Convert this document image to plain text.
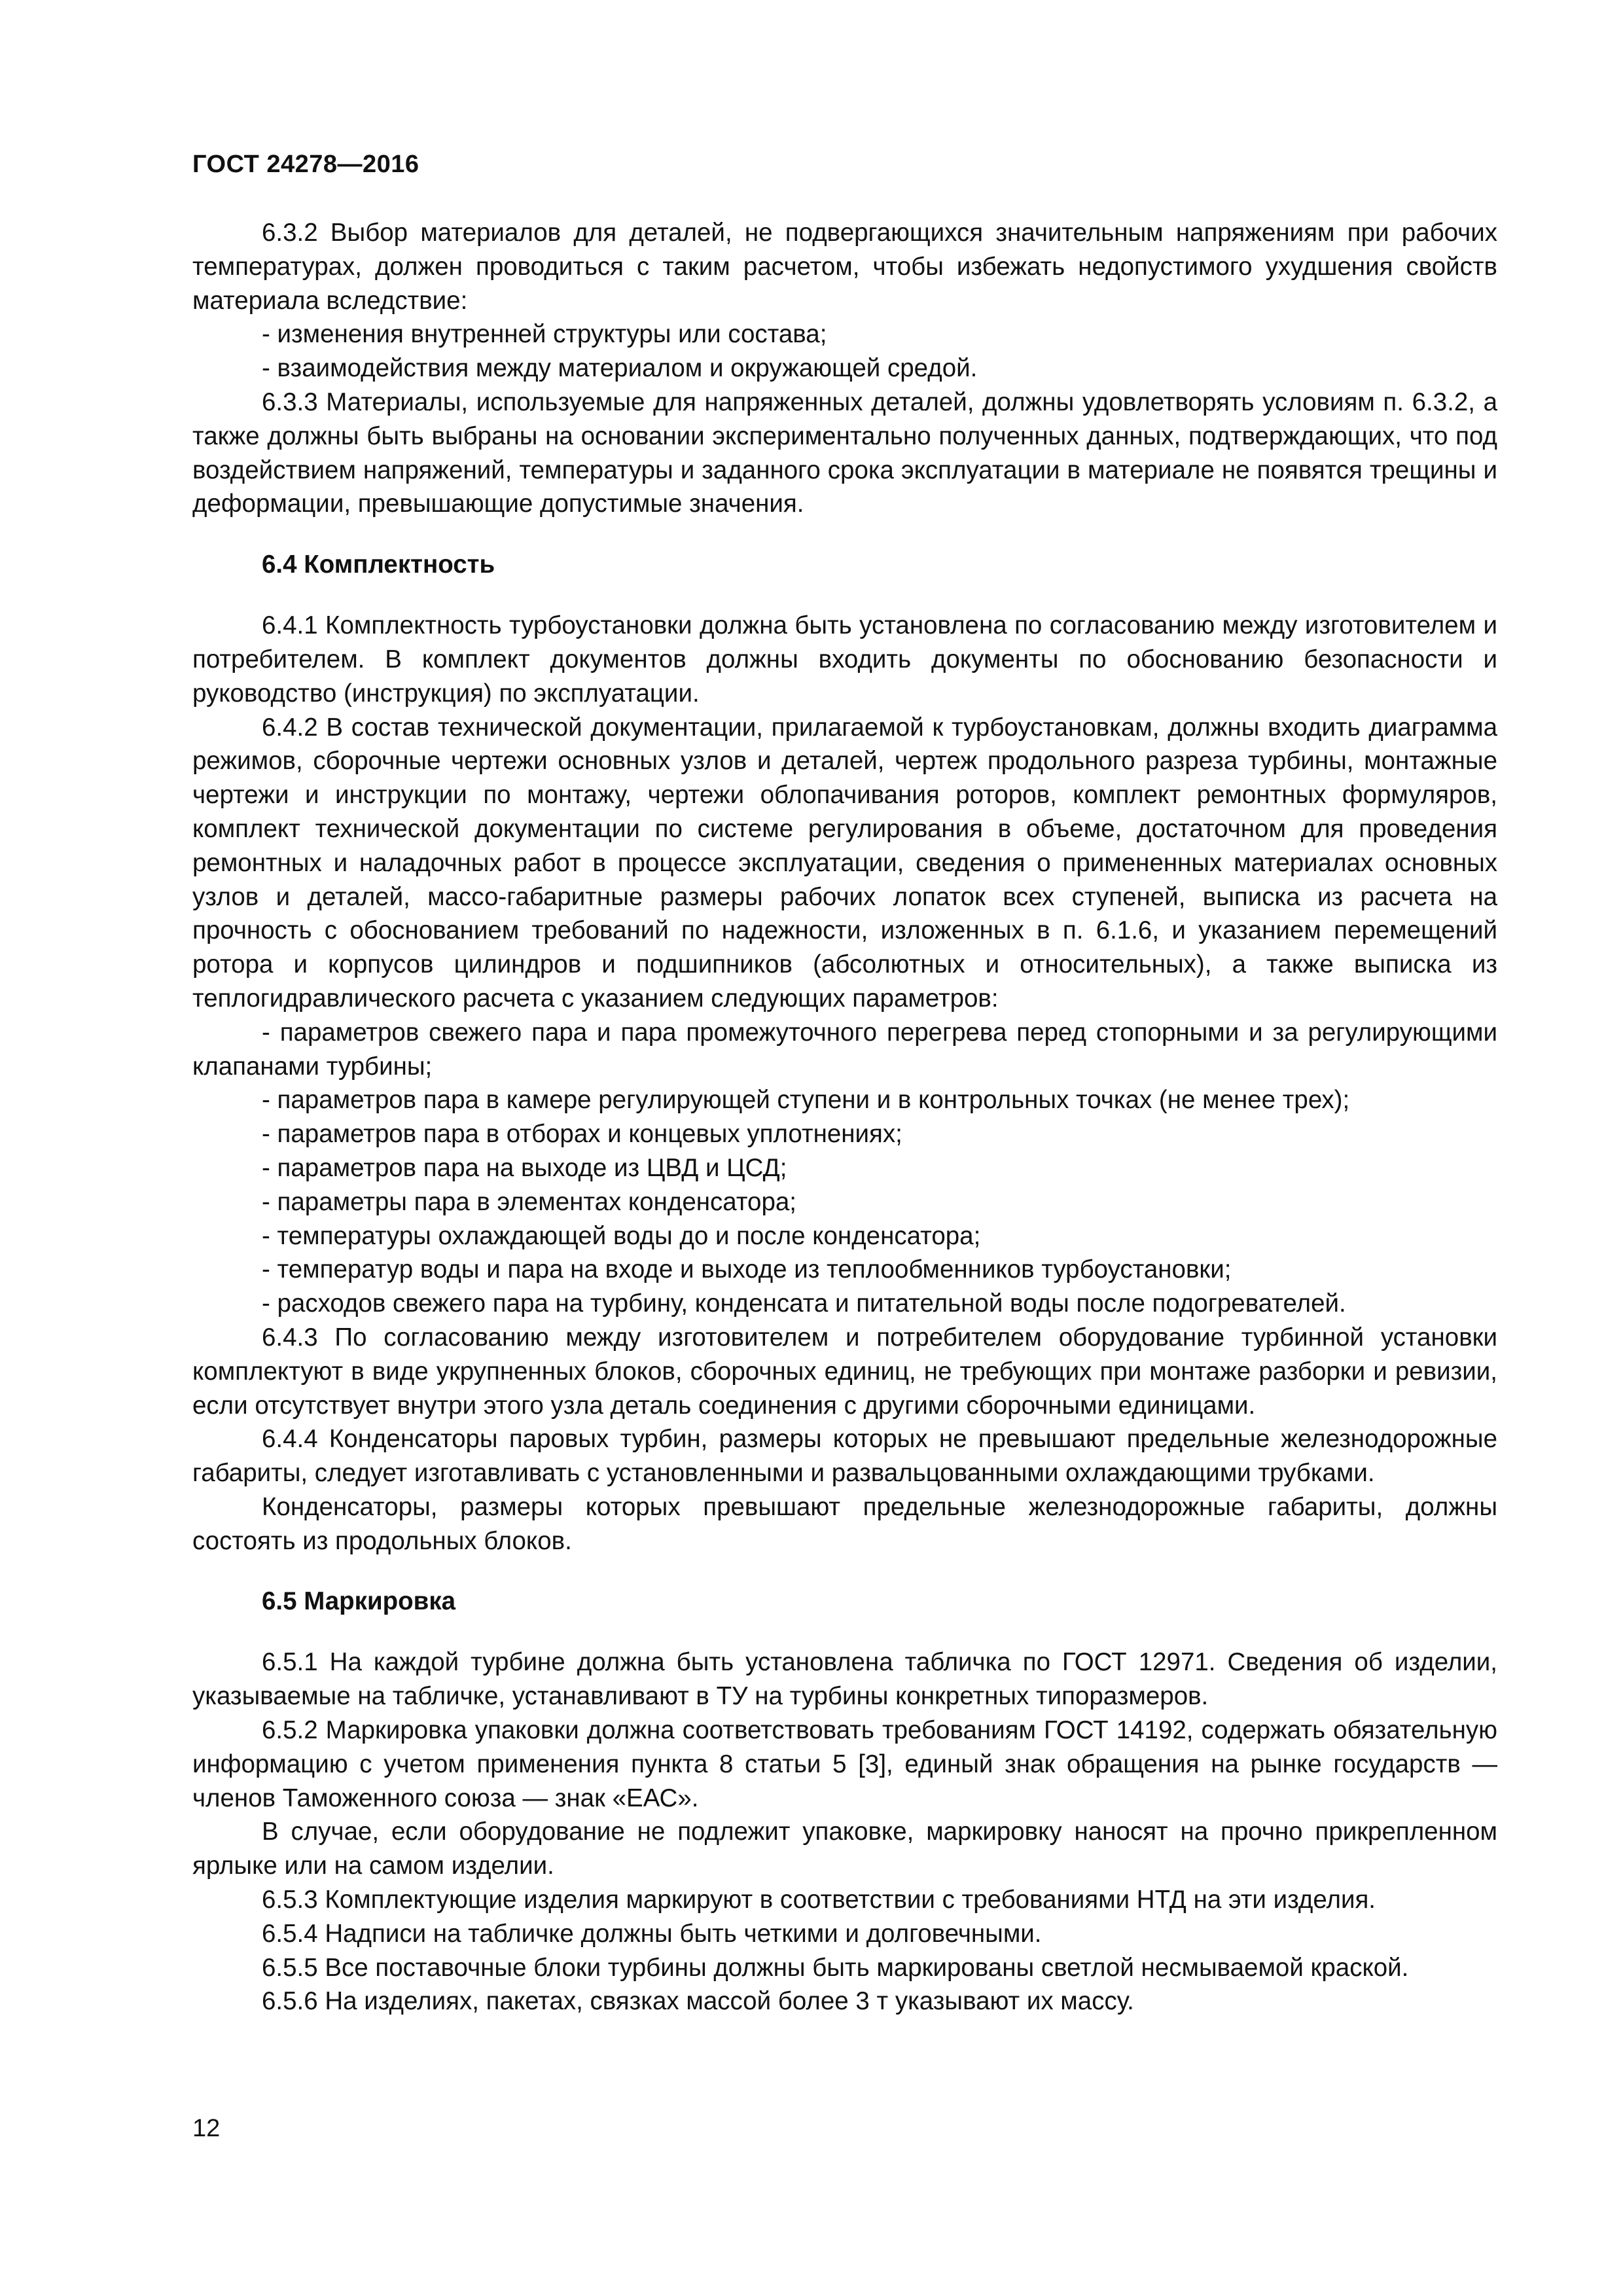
ГОСТ 24278—2016

6.3.2 Выбор материалов для деталей, не подвергающихся значительным напряжениям при рабочих температурах, должен проводиться с таким расчетом, чтобы избежать недопустимого ухудшения свойств материала вследствие:

- изменения внутренней структуры или состава;

- взаимодействия между материалом и окружающей средой.

6.3.3 Материалы, используемые для напряженных деталей, должны удовлетворять условиям п. 6.3.2, а также должны быть выбраны на основании экспериментально полученных данных, подтверждающих, что под воздействием напряжений, температуры и заданного срока эксплуатации в материале не появятся трещины и деформации, превышающие допустимые значения.

6.4 Комплектность

6.4.1 Комплектность турбоустановки должна быть установлена по согласованию между изготовителем и потребителем. В комплект документов должны входить документы по обоснованию безопасности и руководство (инструкция) по эксплуатации.

6.4.2 В состав технической документации, прилагаемой к турбоустановкам, должны входить диаграмма режимов, сборочные чертежи основных узлов и деталей, чертеж продольного разреза турбины, монтажные чертежи и инструкции по монтажу, чертежи облопачивания роторов, комплект ремонтных формуляров, комплект технической документации по системе регулирования в объеме, достаточном для проведения ремонтных и наладочных работ в процессе эксплуатации, сведения о примененных материалах основных узлов и деталей, массо-габаритные размеры рабочих лопаток всех ступеней, выписка из расчета на прочность с обоснованием требований по надежности, изложенных в п. 6.1.6, и указанием перемещений ротора и корпусов цилиндров и подшипников (абсолютных и относительных), а также выписка из теплогидравлического расчета с указанием следующих параметров:

- параметров свежего пара и пара промежуточного перегрева перед стопорными и за регулирующими клапанами турбины;

- параметров пара в камере регулирующей ступени и в контрольных точках (не менее трех);

- параметров пара в отборах и концевых уплотнениях;

- параметров пара на выходе из ЦВД и ЦСД;

- параметры пара в элементах конденсатора;

- температуры охлаждающей воды до и после конденсатора;

- температур воды и пара на входе и выходе из теплообменников турбоустановки;

- расходов свежего пара на турбину, конденсата и питательной воды после подогревателей.

6.4.3 По согласованию между изготовителем и потребителем оборудование турбинной установки комплектуют в виде укрупненных блоков, сборочных единиц, не требующих при монтаже разборки и ревизии, если отсутствует внутри этого узла деталь соединения с другими сборочными единицами.

6.4.4 Конденсаторы паровых турбин, размеры которых не превышают предельные железнодорожные габариты, следует изготавливать с установленными и развальцованными охлаждающими трубками.

Конденсаторы, размеры которых превышают предельные железнодорожные габариты, должны состоять из продольных блоков.

6.5 Маркировка

6.5.1 На каждой турбине должна быть установлена табличка по ГОСТ 12971. Сведения об изделии, указываемые на табличке, устанавливают в ТУ на турбины конкретных типоразмеров.

6.5.2 Маркировка упаковки должна соответствовать требованиям ГОСТ 14192, содержать обязательную информацию с учетом применения пункта 8 статьи 5 [3], единый знак обращения на рынке государств — членов Таможенного союза — знак «ЕАС».

В случае, если оборудование не подлежит упаковке, маркировку наносят на прочно прикрепленном ярлыке или на самом изделии.

6.5.3 Комплектующие изделия маркируют в соответствии с требованиями НТД на эти изделия.

6.5.4 Надписи на табличке должны быть четкими и долговечными.

6.5.5 Все поставочные блоки турбины должны быть маркированы светлой несмываемой краской.

6.5.6 На изделиях, пакетах, связках массой более 3 т указывают их массу.

12
